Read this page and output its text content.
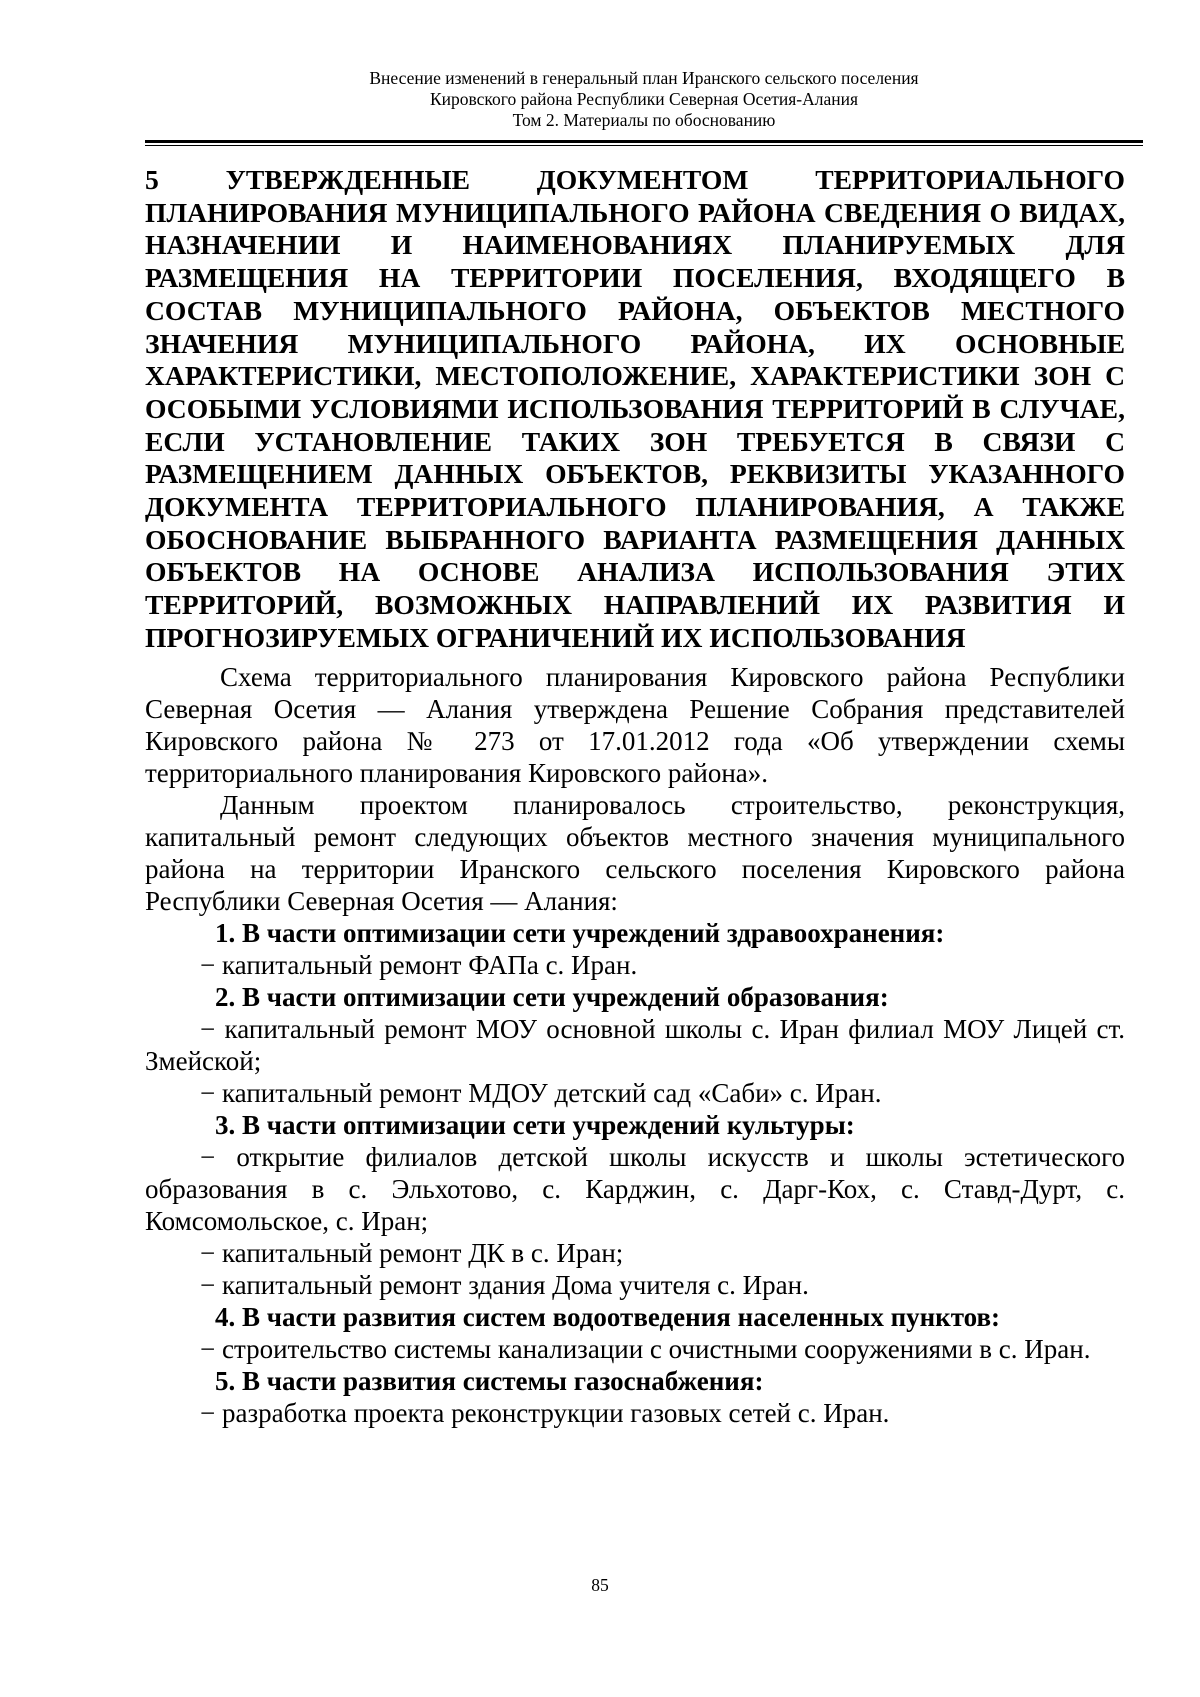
Внесение изменений в генеральный план Иранского сельского поселения
Кировского района Республики Северная Осетия-Алания
Том 2. Материалы по обоснованию
5 УТВЕРЖДЕННЫЕ ДОКУМЕНТОМ ТЕРРИТОРИАЛЬНОГО ПЛАНИРОВАНИЯ МУНИЦИПАЛЬНОГО РАЙОНА СВЕДЕНИЯ О ВИДАХ, НАЗНАЧЕНИИ И НАИМЕНОВАНИЯХ ПЛАНИРУЕМЫХ ДЛЯ РАЗМЕЩЕНИЯ НА ТЕРРИТОРИИ ПОСЕЛЕНИЯ, ВХОДЯЩЕГО В СОСТАВ МУНИЦИПАЛЬНОГО РАЙОНА, ОБЪЕКТОВ МЕСТНОГО ЗНАЧЕНИЯ МУНИЦИПАЛЬНОГО РАЙОНА, ИХ ОСНОВНЫЕ ХАРАКТЕРИСТИКИ, МЕСТОПОЛОЖЕНИЕ, ХАРАКТЕРИСТИКИ ЗОН С ОСОБЫМИ УСЛОВИЯМИ ИСПОЛЬЗОВАНИЯ ТЕРРИТОРИЙ В СЛУЧАЕ, ЕСЛИ УСТАНОВЛЕНИЕ ТАКИХ ЗОН ТРЕБУЕТСЯ В СВЯЗИ С РАЗМЕЩЕНИЕМ ДАННЫХ ОБЪЕКТОВ, РЕКВИЗИТЫ УКАЗАННОГО ДОКУМЕНТА ТЕРРИТОРИАЛЬНОГО ПЛАНИРОВАНИЯ, А ТАКЖЕ ОБОСНОВАНИЕ ВЫБРАННОГО ВАРИАНТА РАЗМЕЩЕНИЯ ДАННЫХ ОБЪЕКТОВ НА ОСНОВЕ АНАЛИЗА ИСПОЛЬЗОВАНИЯ ЭТИХ ТЕРРИТОРИЙ, ВОЗМОЖНЫХ НАПРАВЛЕНИЙ ИХ РАЗВИТИЯ И ПРОГНОЗИРУЕМЫХ ОГРАНИЧЕНИЙ ИХ ИСПОЛЬЗОВАНИЯ

Схема территориального планирования Кировского района Республики Северная Осетия — Алания утверждена Решение Собрания представителей Кировского района № 273 от 17.01.2012 года «Об утверждении схемы территориального планирования Кировского района».

Данным проектом планировалось строительство, реконструкция, капитальный ремонт следующих объектов местного значения муниципального района на территории Иранского сельского поселения Кировского района Республики Северная Осетия — Алания:

1. В части оптимизации сети учреждений здравоохранения:

− капитальный ремонт ФАПа с. Иран.

2. В части оптимизации сети учреждений образования:

− капитальный ремонт МОУ основной школы с. Иран филиал МОУ Лицей ст. Змейской;

− капитальный ремонт МДОУ детский сад «Саби» с. Иран.

3. В части оптимизации сети учреждений культуры:

− открытие филиалов детской школы искусств и школы эстетического образования в с. Эльхотово, с. Карджин, с. Дарг-Кох, с. Ставд-Дурт, с. Комсомольское, с. Иран;

− капитальный ремонт ДК в с. Иран;

− капитальный ремонт здания Дома учителя с. Иран.

4. В части развития систем водоотведения населенных пунктов:

− строительство системы канализации с очистными сооружениями в с. Иран.

5. В части развития системы газоснабжения:

− разработка проекта реконструкции газовых сетей с. Иран.

85
